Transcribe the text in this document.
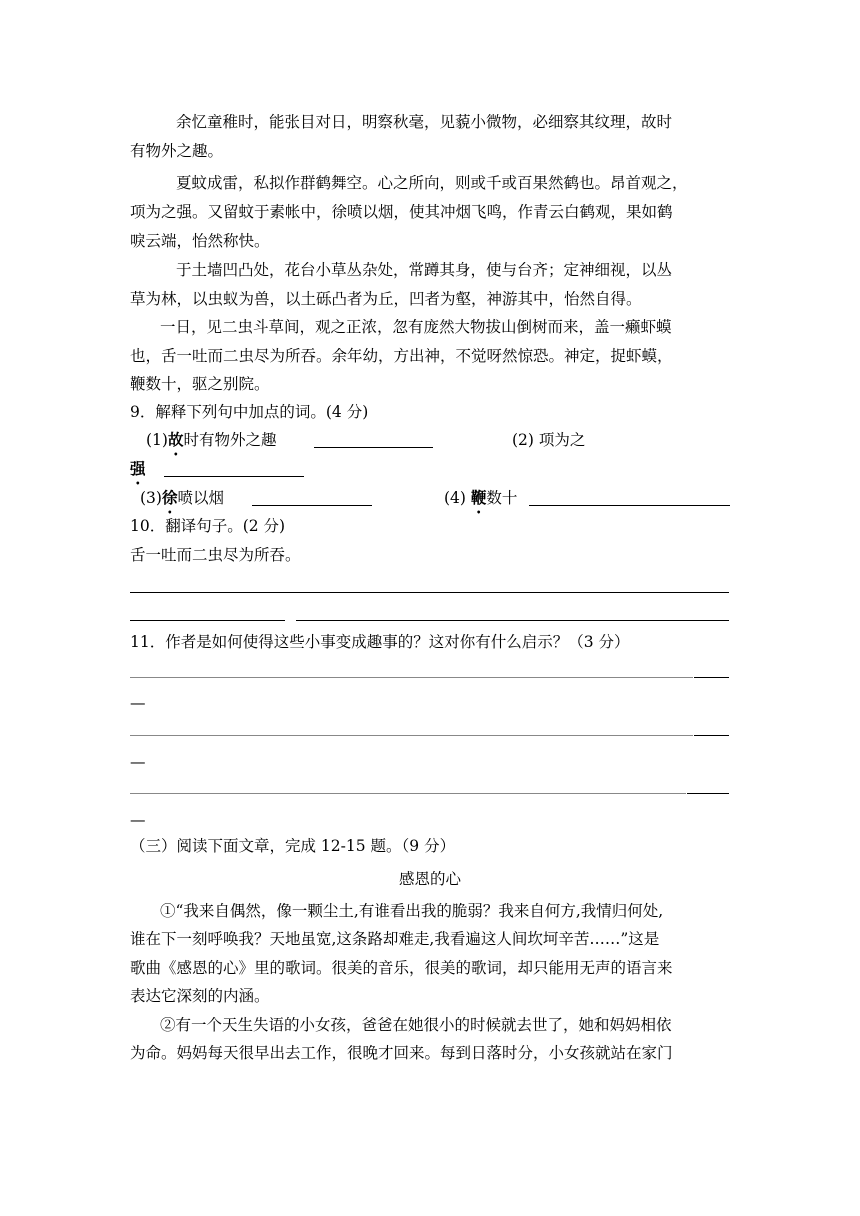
余忆童稚时，能张目对日，明察秋毫，见藐小微物，必细察其纹理，故时
有物外之趣。
夏蚊成雷，私拟作群鹤舞空。心之所向，则或千或百果然鹤也。昂首观之，
项为之强。又留蚊于素帐中，徐喷以烟，使其冲烟飞鸣，作青云白鹤观，果如鹤
唳云端，怡然称快。
于土墙凹凸处，花台小草丛杂处，常蹲其身，使与台齐；定神细视，以丛
草为林，以虫蚁为兽，以土砾凸者为丘，凹者为壑，神游其中，怡然自得。
一日，见二虫斗草间，观之正浓，忽有庞然大物拔山倒树而来，盖一癞虾蟆
也，舌一吐而二虫尽为所吞。余年幼，方出神，不觉呀然惊恐。神定，捉虾蟆，
鞭数十，驱之别院。
9．解释下列句中加点的词。(4 分)
(1)故时有物外之趣	(2) 项为之
强
(3)徐喷以烟	(4) 鞭数十
10．翻译句子。(2 分)
舌一吐而二虫尽为所吞。
11．作者是如何使得这些小事变成趣事的？这对你有什么启示？（3 分）
—
—
—
（三）阅读下面文章，完成 12-15 题。（9 分）
感恩的心
①“我来自偶然，像一颗尘土,有谁看出我的脆弱？我来自何方,我情归何处,
谁在下一刻呼唤我？天地虽宽,这条路却难走,我看遍这人间坎坷辛苦……”这是
歌曲《感恩的心》里的歌词。很美的音乐，很美的歌词，却只能用无声的语言来
表达它深刻的内涵。
②有一个天生失语的小女孩，爸爸在她很小的时候就去世了，她和妈妈相依
为命。妈妈每天很早出去工作，很晚才回来。每到日落时分，小女孩就站在家门
